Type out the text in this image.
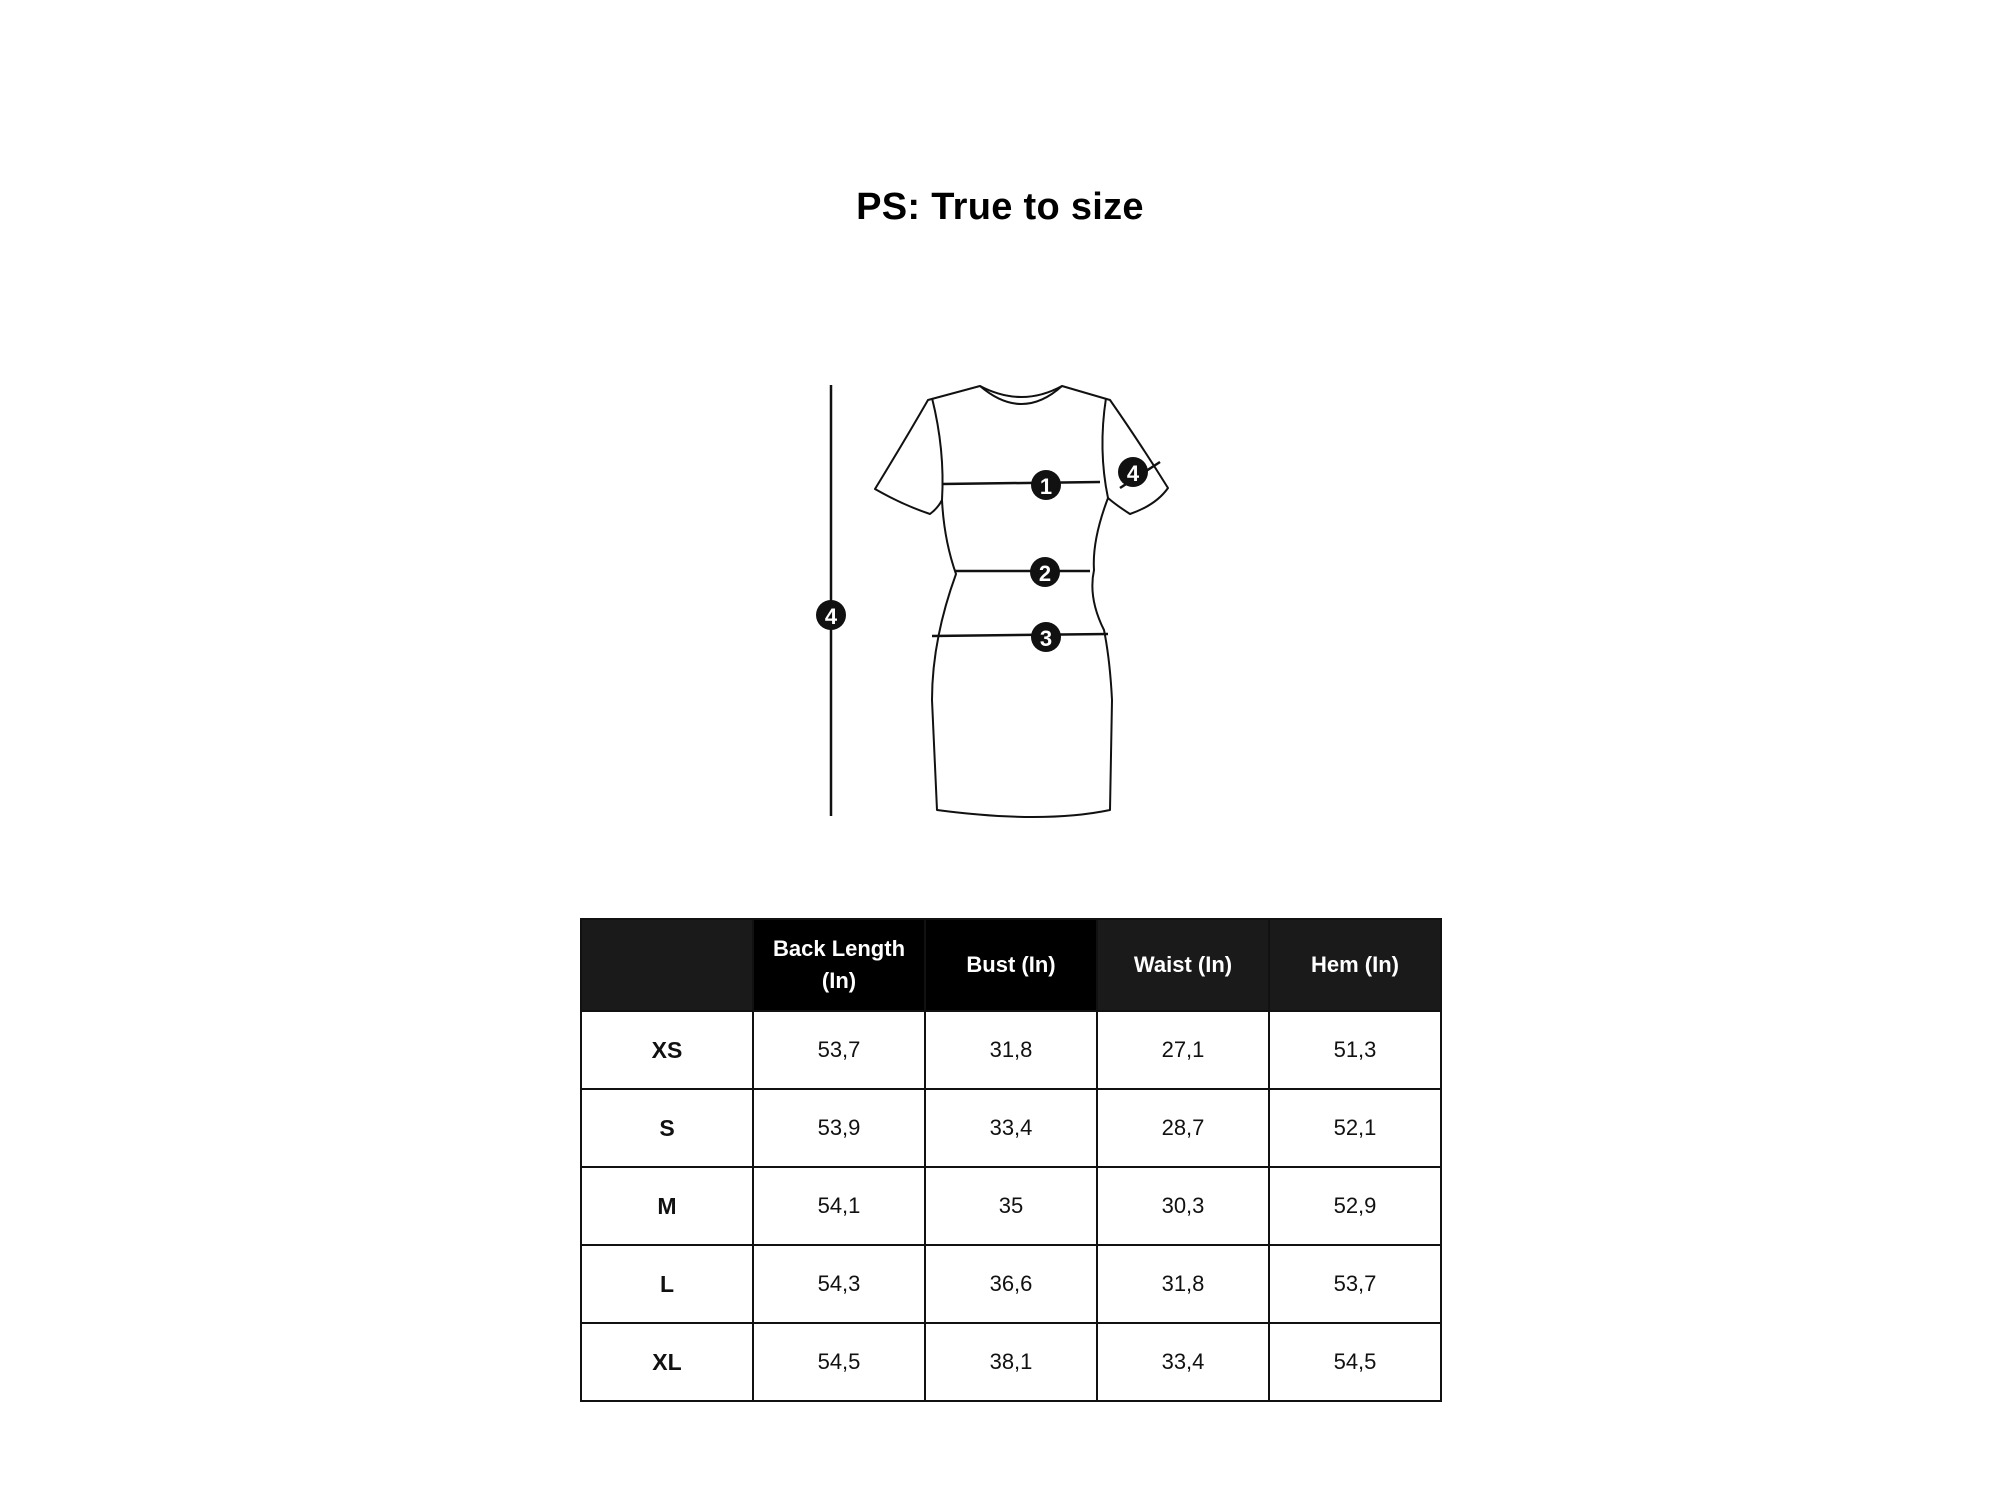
PS: True to size
1
2
3
4
4
	Back Length (In)	Bust (In)	Waist (In)	Hem (In)
XS	53,7	31,8	27,1	51,3
S	53,9	33,4	28,7	52,1
M	54,1	35	30,3	52,9
L	54,3	36,6	31,8	53,7
XL	54,5	38,1	33,4	54,5
